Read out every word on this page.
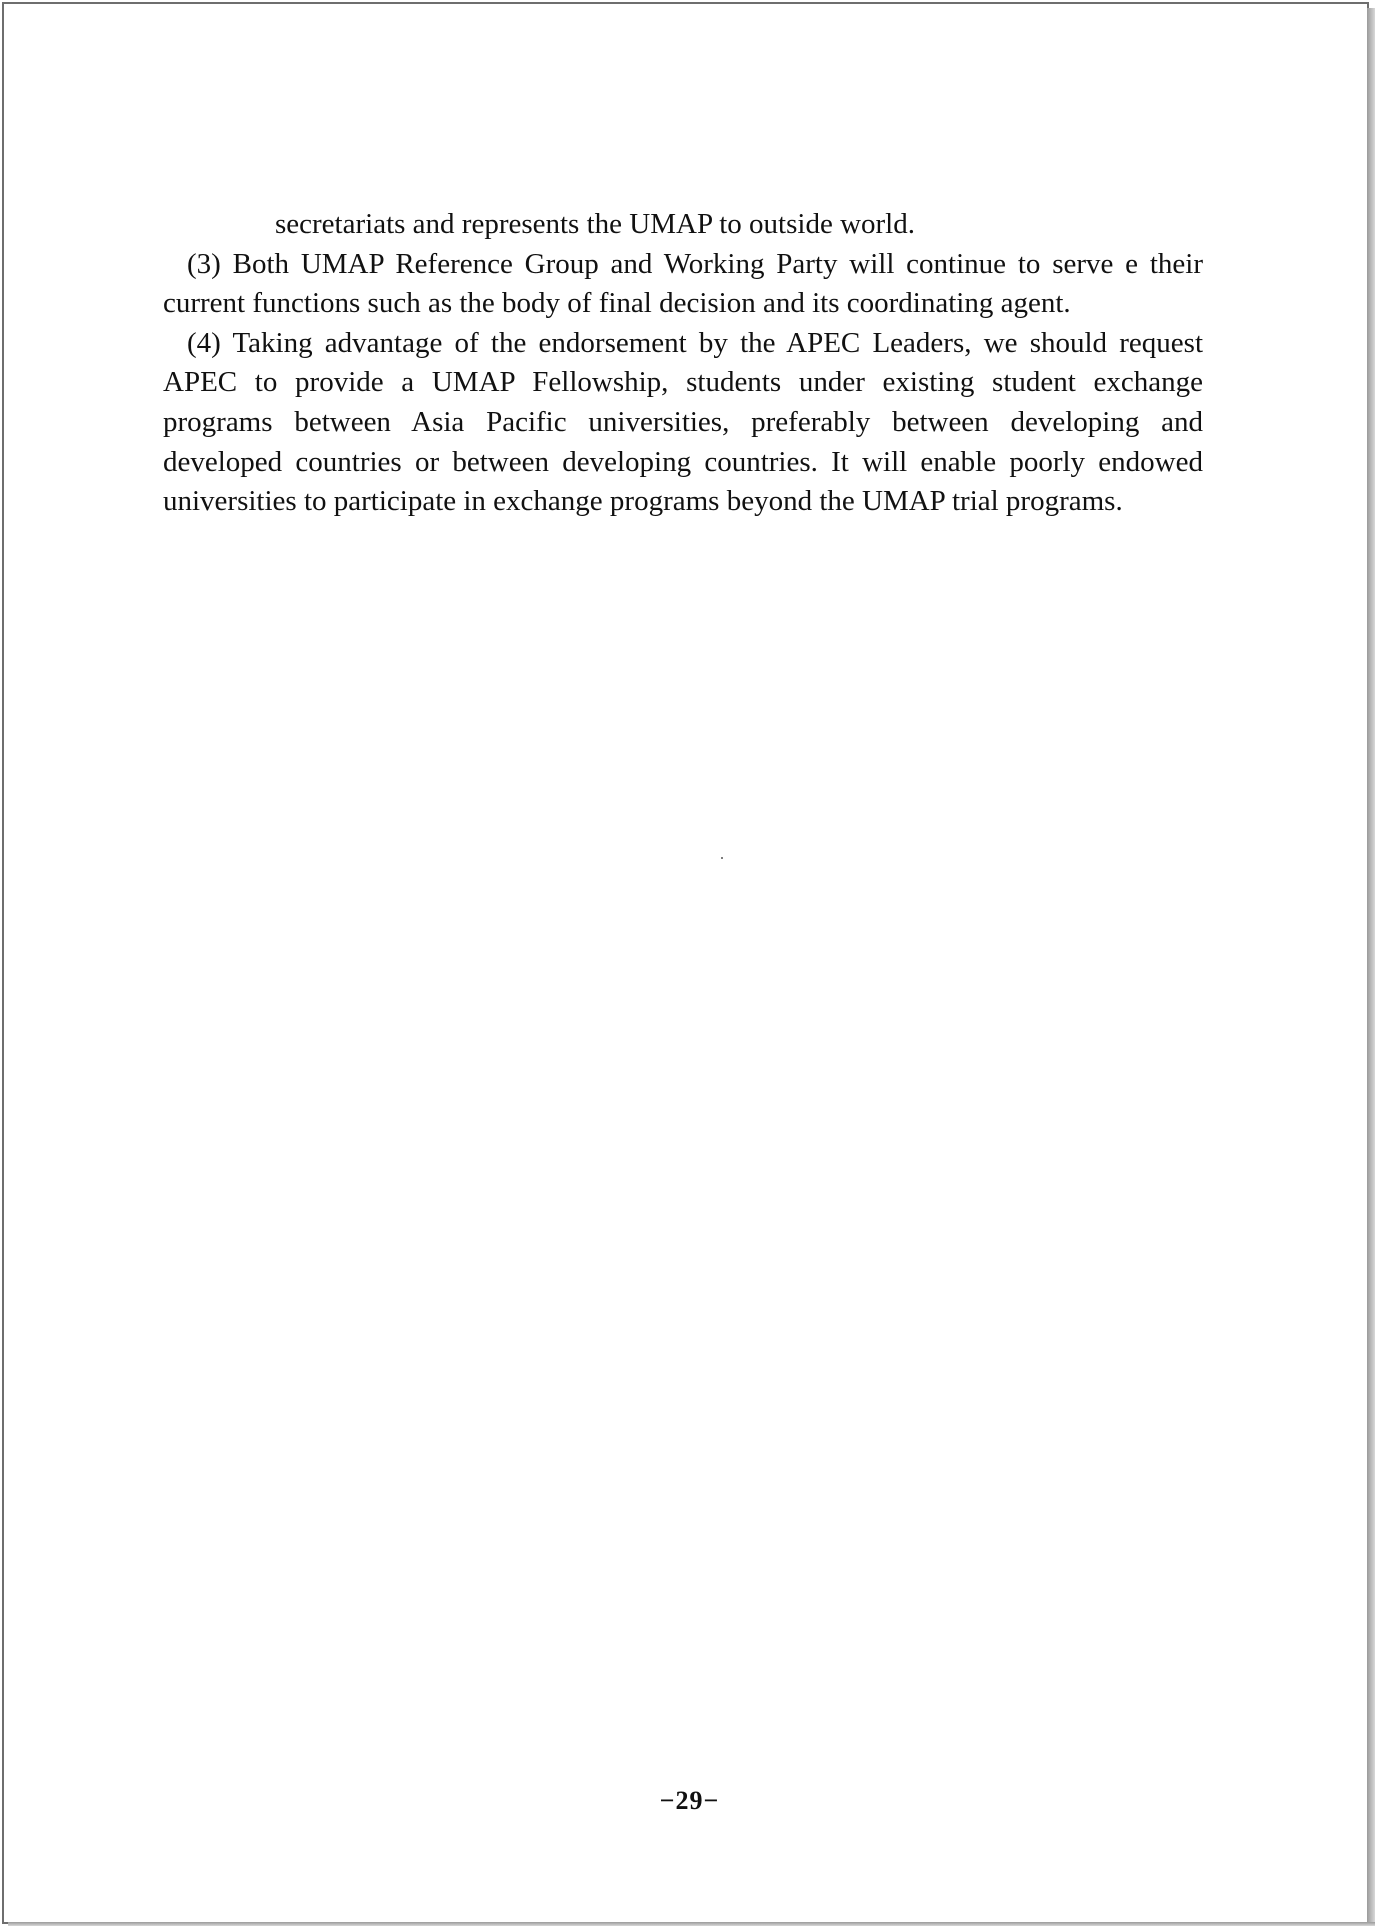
secretariats and represents the UMAP to outside world.

(3) Both UMAP Reference Group and Working Party will continue to serve e their current functions such as the body of final decision and its coordinating agent.

(4) Taking advantage of the endorsement by the APEC Leaders, we should request APEC to provide a UMAP Fellowship, students under existing student exchange programs between Asia Pacific universities, preferably between developing and developed countries or between developing countries. It will enable poorly endowed universities to participate in exchange programs beyond the UMAP trial programs.

−29−
